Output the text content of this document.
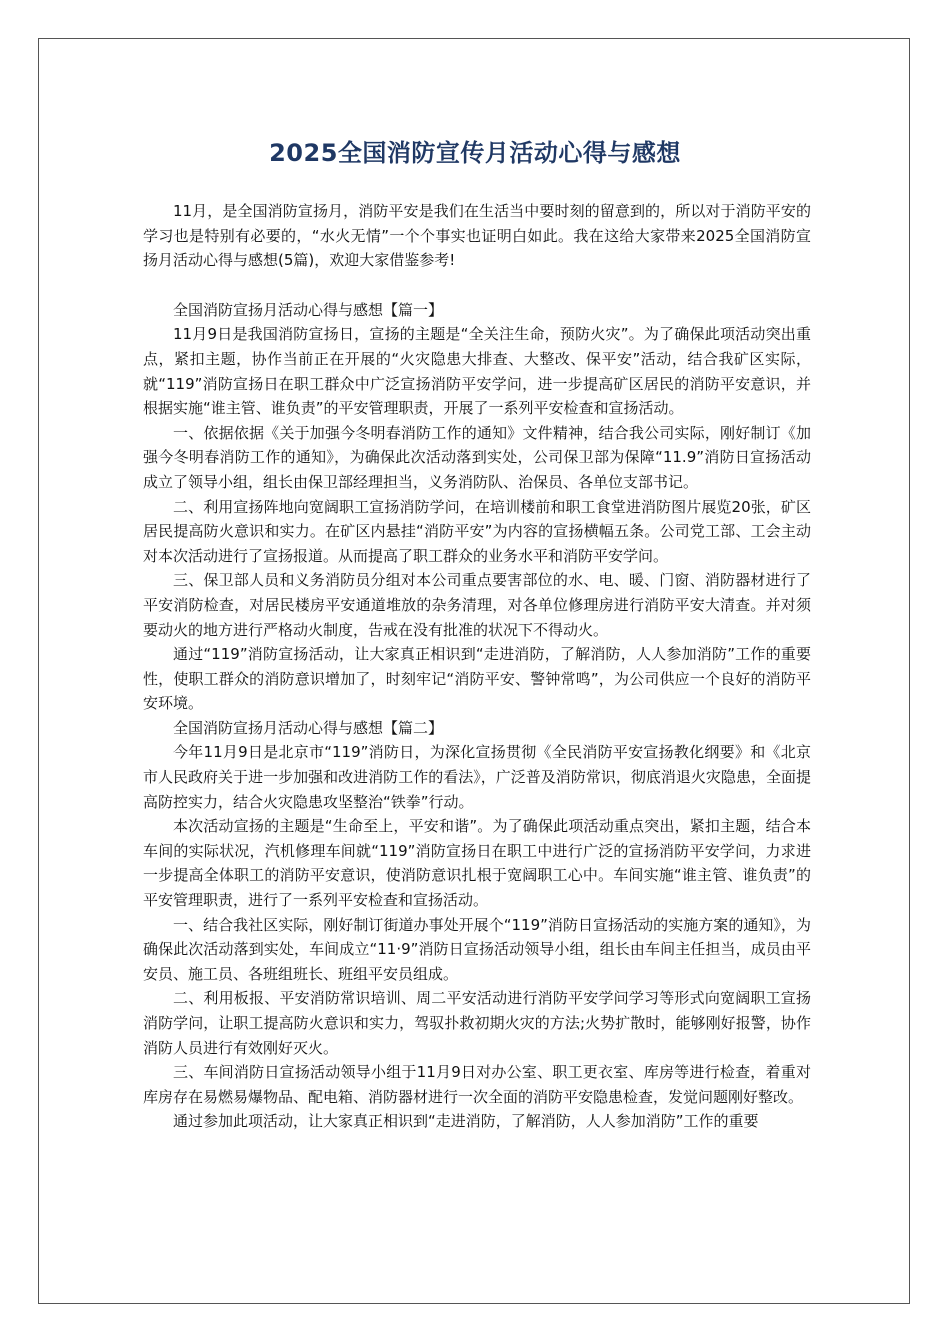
2025全国消防宣传月活动心得与感想

11月，是全国消防宣扬月，消防平安是我们在生活当中要时刻的留意到的，所以对于消防平安的学习也是特别有必要的，“水火无情”一个个事实也证明白如此。我在这给大家带来2025全国消防宣扬月活动心得与感想(5篇)，欢迎大家借鉴参考!

全国消防宣扬月活动心得与感想【篇一】

11月9日是我国消防宣扬日，宣扬的主题是“全关注生命，预防火灾”。为了确保此项活动突出重点，紧扣主题，协作当前正在开展的“火灾隐患大排查、大整改、保平安”活动，结合我矿区实际，就“119”消防宣扬日在职工群众中广泛宣扬消防平安学问，进一步提高矿区居民的消防平安意识，并根据实施“谁主管、谁负责”的平安管理职责，开展了一系列平安检查和宣扬活动。

一、依据依据《关于加强今冬明春消防工作的通知》文件精神，结合我公司实际，刚好制订《加强今冬明春消防工作的通知》，为确保此次活动落到实处，公司保卫部为保障“11.9”消防日宣扬活动成立了领导小组，组长由保卫部经理担当，义务消防队、治保员、各单位支部书记。

二、利用宣扬阵地向宽阔职工宣扬消防学问，在培训楼前和职工食堂进消防图片展览20张，矿区居民提高防火意识和实力。在矿区内悬挂“消防平安”为内容的宣扬横幅五条。公司党工部、工会主动对本次活动进行了宣扬报道。从而提高了职工群众的业务水平和消防平安学问。

三、保卫部人员和义务消防员分组对本公司重点要害部位的水、电、暖、门窗、消防器材进行了平安消防检查，对居民楼房平安通道堆放的杂务清理，对各单位修理房进行消防平安大清查。并对须要动火的地方进行严格动火制度，告戒在没有批准的状况下不得动火。

通过“119”消防宣扬活动，让大家真正相识到“走进消防，了解消防，人人参加消防”工作的重要性，使职工群众的消防意识增加了，时刻牢记“消防平安、警钟常鸣”，为公司供应一个良好的消防平安环境。

全国消防宣扬月活动心得与感想【篇二】

今年11月9日是北京市“119”消防日，为深化宣扬贯彻《全民消防平安宣扬教化纲要》和《北京市人民政府关于进一步加强和改进消防工作的看法》，广泛普及消防常识，彻底消退火灾隐患，全面提高防控实力，结合火灾隐患攻坚整治“铁拳”行动。

本次活动宣扬的主题是“生命至上，平安和谐”。为了确保此项活动重点突出，紧扣主题，结合本车间的实际状况，汽机修理车间就“119”消防宣扬日在职工中进行广泛的宣扬消防平安学问，力求进一步提高全体职工的消防平安意识，使消防意识扎根于宽阔职工心中。车间实施“谁主管、谁负责”的平安管理职责，进行了一系列平安检查和宣扬活动。

一、结合我社区实际，刚好制订街道办事处开展个“119”消防日宣扬活动的实施方案的通知》，为确保此次活动落到实处，车间成立“11·9”消防日宣扬活动领导小组，组长由车间主任担当，成员由平安员、施工员、各班组班长、班组平安员组成。

二、利用板报、平安消防常识培训、周二平安活动进行消防平安学问学习等形式向宽阔职工宣扬消防学问，让职工提高防火意识和实力，驾驭扑救初期火灾的方法;火势扩散时，能够刚好报警，协作消防人员进行有效刚好灭火。

三、车间消防日宣扬活动领导小组于11月9日对办公室、职工更衣室、库房等进行检查，着重对库房存在易燃易爆物品、配电箱、消防器材进行一次全面的消防平安隐患检查，发觉问题刚好整改。

通过参加此项活动，让大家真正相识到“走进消防，了解消防，人人参加消防”工作的重要
